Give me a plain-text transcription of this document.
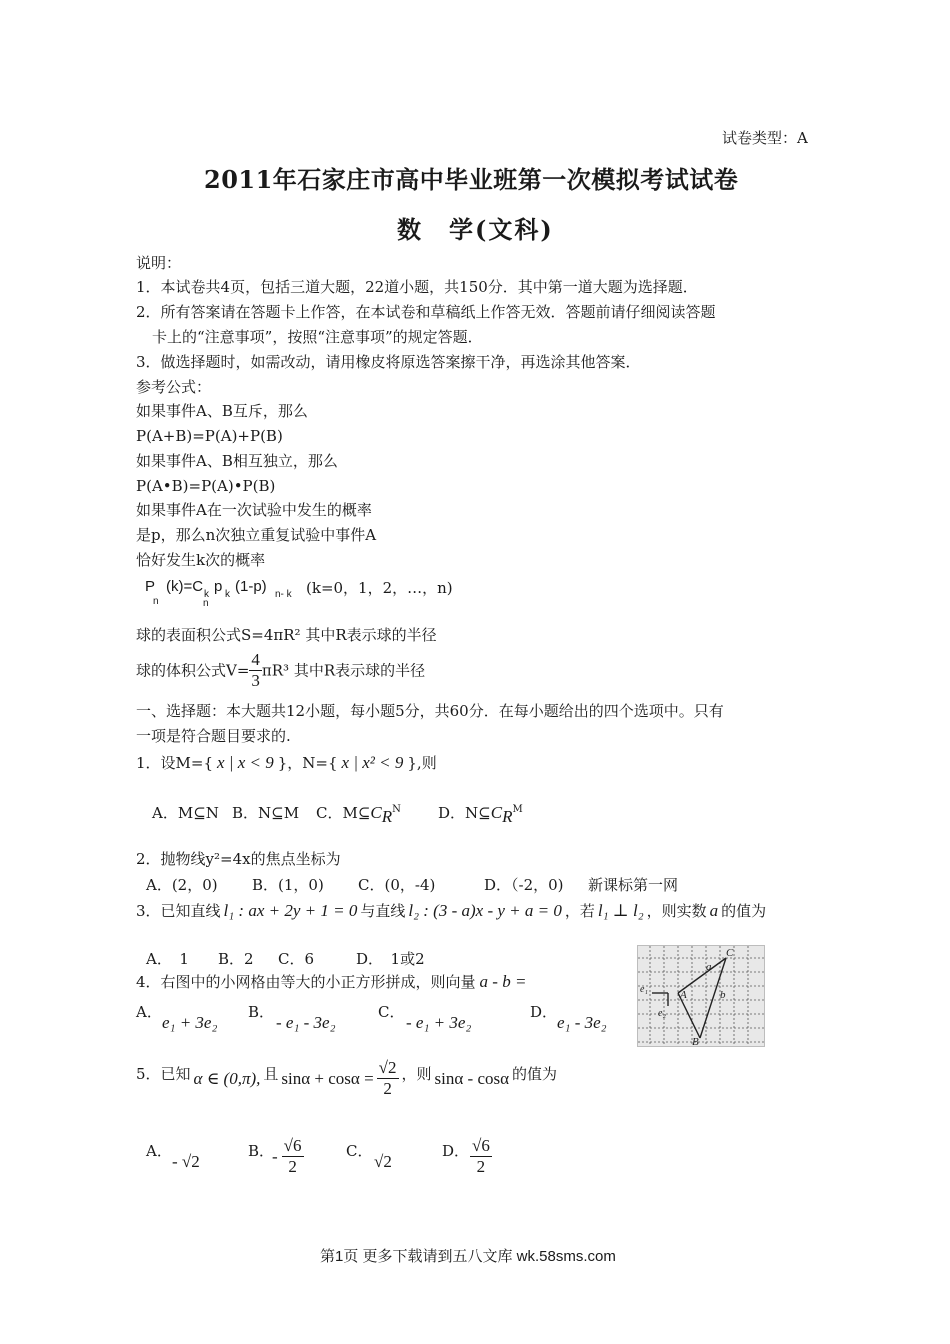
试卷类型：A
2011年石家庄市高中毕业班第一次模拟考试试卷
数　学(文科)
说明：
1．本试卷共4页，包括三道大题，22道小题，共150分．其中第一道大题为选择题．
2．所有答案请在答题卡上作答，在本试卷和草稿纸上作答无效．答题前请仔细阅读答题
卡上的“注意事项”，按照“注意事项”的规定答题．
3．做选择题时，如需改动，请用橡皮将原选答案擦干净，再选涂其他答案．
参考公式：
如果事件A、B互斥，那么
P(A+B)=P(A)+P(B)
如果事件A、B相互独立，那么
P(A•B)=P(A)•P(B)
如果事件A在一次试验中发生的概率
是p，那么n次独立重复试验中事件A
恰好发生k次的概率
P
n
(k)=C k
n
p k (1-p) n- k (k=0，1，2，…，n)
球的表面积公式S=4πR² 其中R表示球的半径
球的体积公式$V= \frac{4}{3} \pi R^3$ 其中R表示球的半径
一、选择题：本大题共12小题，每小题5分，共60分．在每小题给出的四个选项中。只有
一项是符合题目要求的.
1．设M={ x | x < 9 }，N={ x | x² < 9 },则
A．M⊆N B．N⊆M C．$M⊆C_R^N$ D．$N⊆C_R^M$
2．抛物线y²=4x的焦点坐标为
A．(2，0) B．(1，0) C．(0，-4)	D．（-2，0) 新课标第一网
3．已知直线 l₁ : ax + 2y + 1 = 0 与直线 l₂ : (3 - a)x - y + a = 0 ，若 l₁ ⊥ l₂ ，则实数 a 的值为
A．　1 B．2 C．6	D．　1或2
4．右图中的小网格由等大的小正方形拼成，则向量 a - b =
A．
e₁ + 3e₂
B．
- e₁ - 3e₂
C．
- e₁ + 3e₂
D．
e₁ - 3e₂
C
a
b
A
B
e₁
e₂
5．已知 α ∈ (0,π), 且 $\sin\alpha + \cos\alpha = \frac{√2}{2}$ ，则 sinα - cosα 的值为
A．
- √2
B．
- $\frac{√6}{2}$	C．
√2
D． $\frac{√6}{2}$
第1页 更多下载请到五八文库 wk.58sms.com
